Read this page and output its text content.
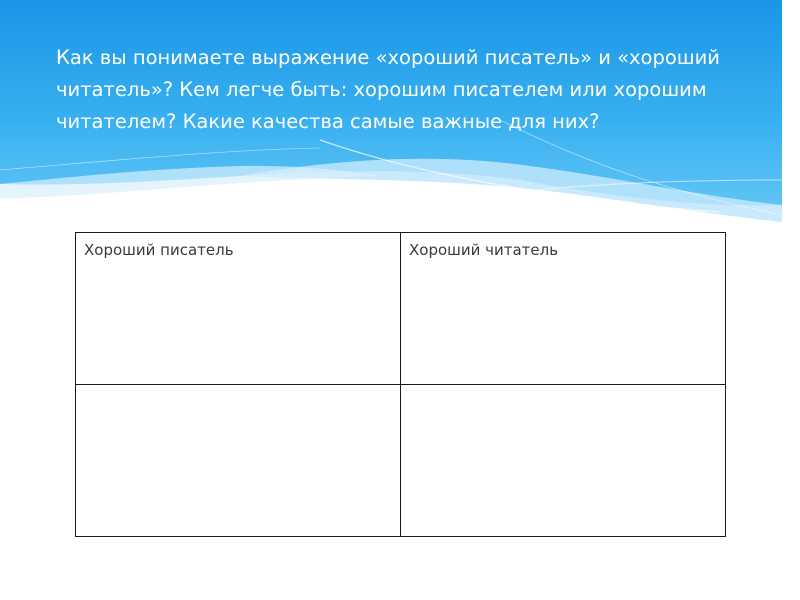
Как вы понимаете выражение «хороший писатель» и «хороший читатель»? Кем легче быть: хорошим писателем или хорошим читателем? Какие качества самые важные для них?

Хороший писатель	Хороший читатель
